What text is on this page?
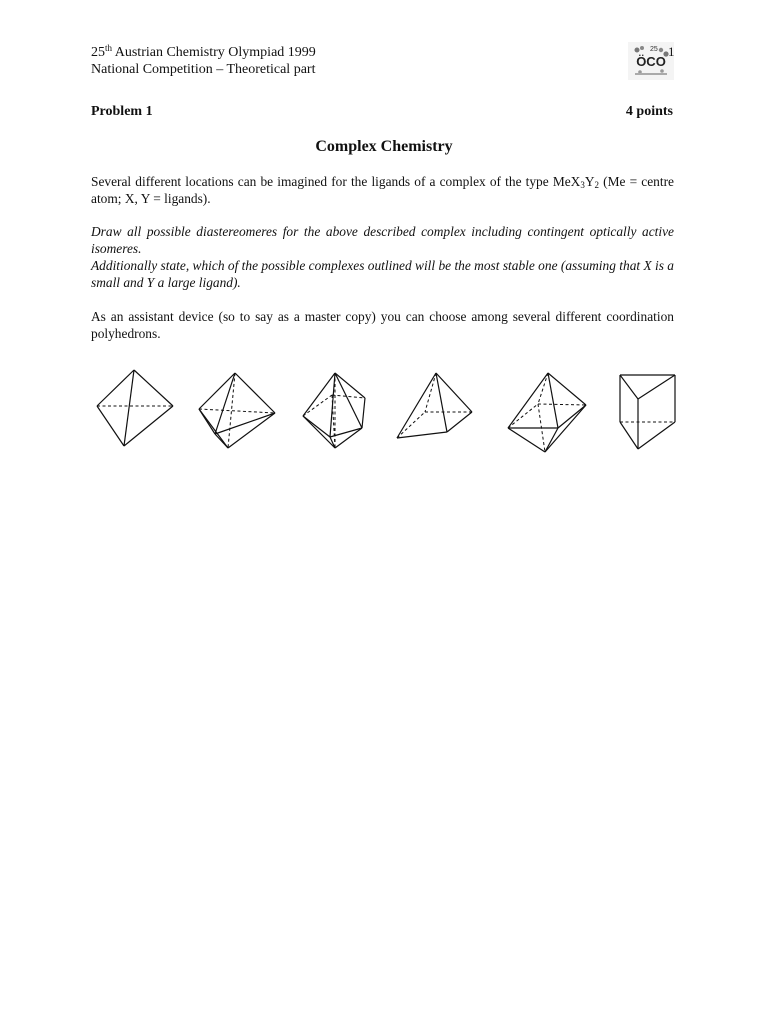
25th Austrian Chemistry Olympiad 1999
National Competition – Theoretical part
25
ÖCO
1
Problem 1	4 points
Complex Chemistry
Several different locations can be imagined for the ligands of a complex of the type $MeX_3Y_2$ (Me = centre atom; X, Y = ligands).
Draw all possible diastereomeres for the above described complex including contingent optically active isomeres.
Additionally state, which of the possible complexes outlined will be the most stable one (assuming that X is a small and Y a large ligand).
As an assistant device (so to say as a master copy) you can choose among several different coordination polyhedrons.
